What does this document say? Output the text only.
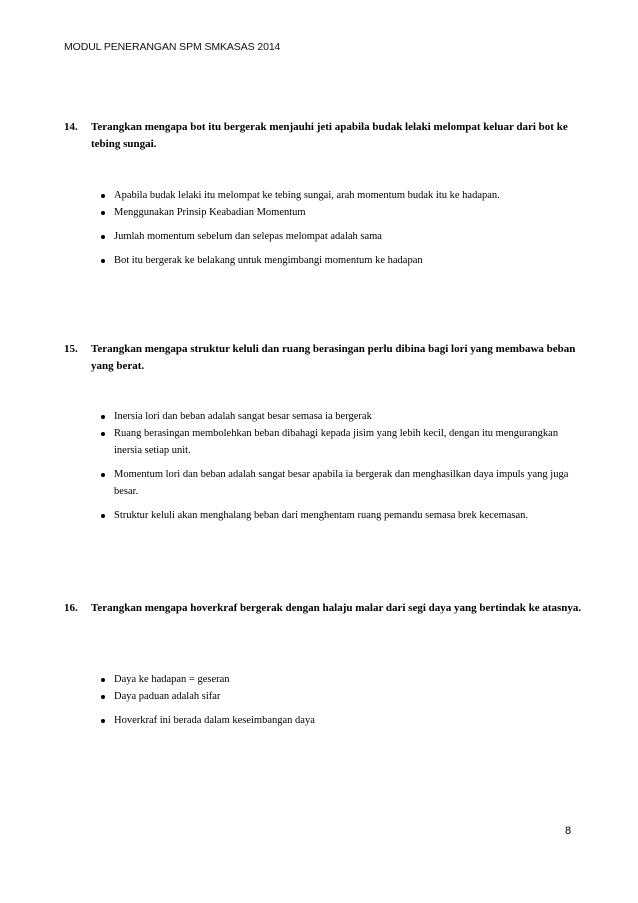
MODUL PENERANGAN SPM SMKASAS 2014
14. Terangkan mengapa bot itu bergerak menjauhi jeti apabila budak lelaki melompat keluar dari bot ke tebing sungai.
Apabila budak lelaki itu melompat ke tebing sungai, arah momentum budak itu ke hadapan.
Menggunakan Prinsip Keabadian Momentum
Jumlah momentum sebelum dan selepas melompat adalah sama
Bot itu bergerak ke belakang untuk mengimbangi momentum ke hadapan
15. Terangkan mengapa struktur keluli dan ruang berasingan perlu dibina bagi lori yang membawa beban yang berat.
Inersia lori dan beban adalah sangat besar semasa ia bergerak
Ruang berasingan membolehkan beban dibahagi kepada jisim yang lebih kecil, dengan itu mengurangkan inersia setiap unit.
Momentum lori dan beban adalah sangat besar apabila ia bergerak dan menghasilkan daya impuls yang juga besar.
Struktur keluli akan menghalang beban dari menghentam ruang pemandu semasa brek kecemasan.
16. Terangkan mengapa hoverkraf bergerak dengan halaju malar dari segi daya yang bertindak ke atasnya.
Daya ke hadapan = geseran
Daya paduan adalah sifar
Hoverkraf ini berada dalam keseimbangan daya
8
